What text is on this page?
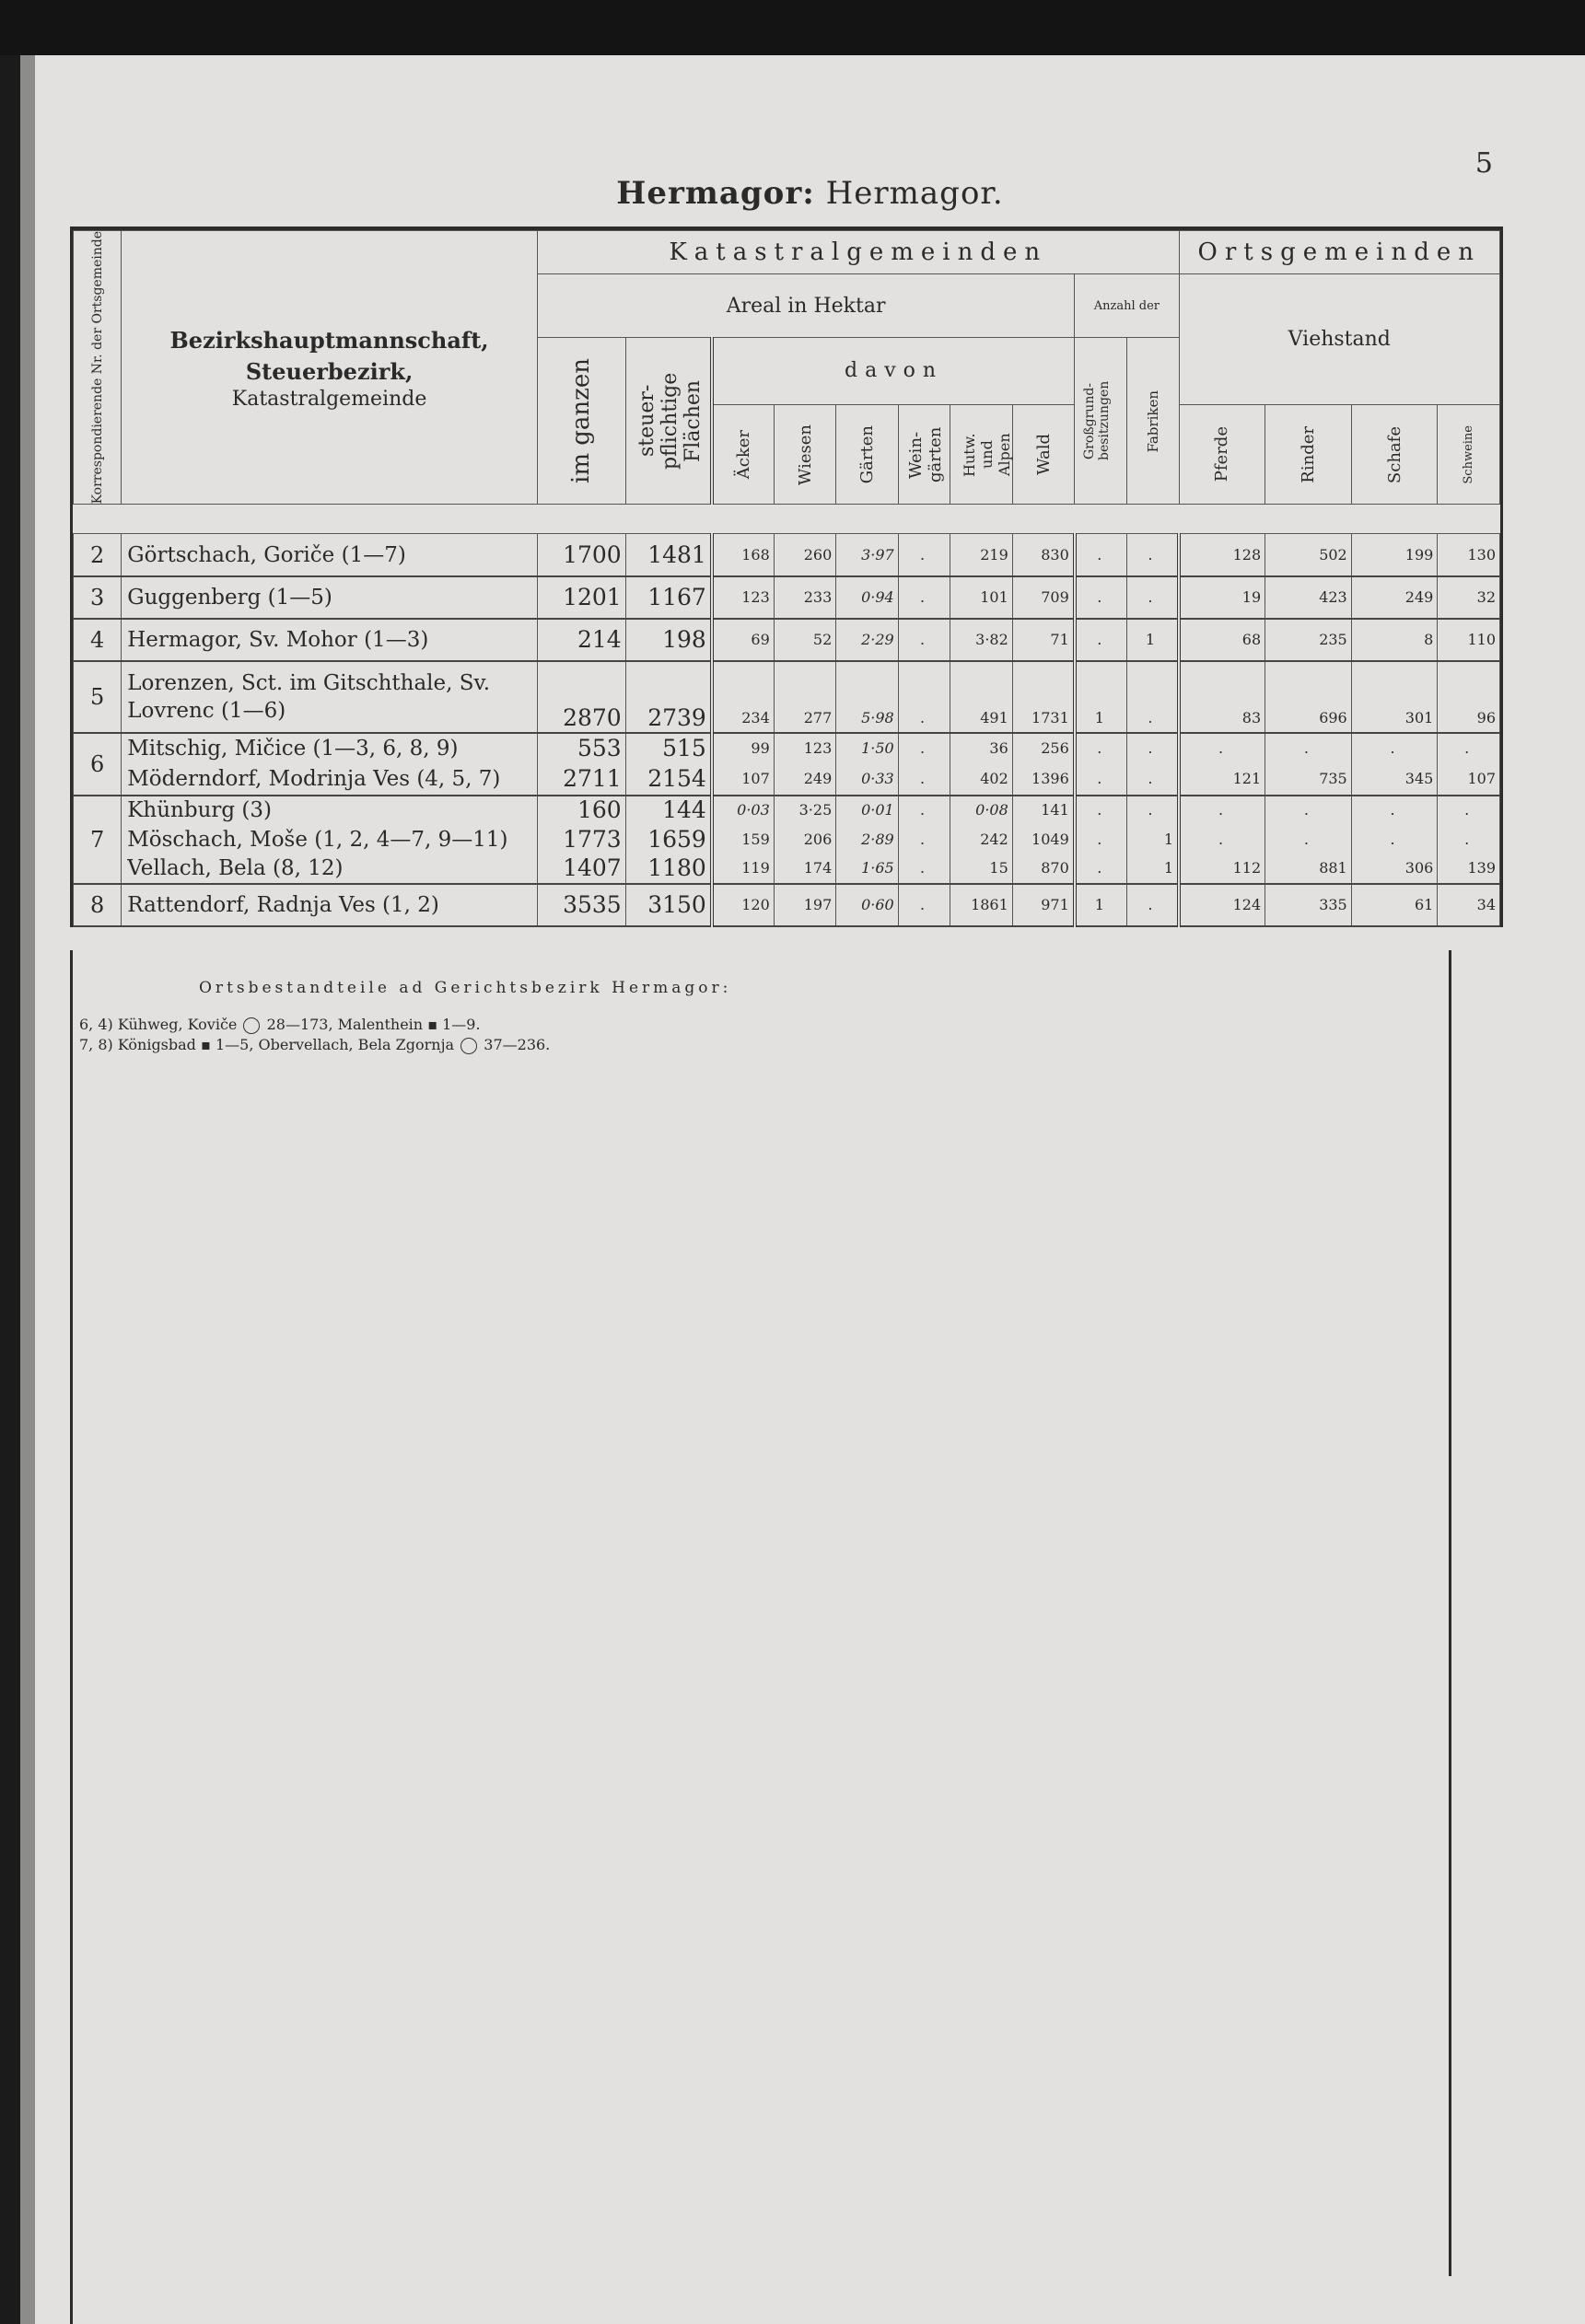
Hermagor: Hermagor.
5
Korrespondierende Nr. der Ortsgemeinde	Bezirkshauptmannschaft,
Steuerbezirk,
Katastralgemeinde	Katastralgemeinden										Ortsgemeinden			
		Areal in Hektar								Anzahl der		Viehstand			

		im ganzen	steuer-pflichtige Flächen	davon						Großgrund-besitzungen	Fabriken				

				Äcker	Wiesen	Gärten	Wein-gärten	Hutw. und Alpen	Wald			Pferde	Rinder	Schafe	Schweine

2	Görtschach, Goriče (1—7)	1700	1481	168	260	3·97	.	219	830	.	.	128	502	199	130
3	Guggenberg (1—5)	1201	1167	123	233	0·94	.	101	709	.	.	19	423	249	32
4	Hermagor, Sv. Mohor (1—3)	214	198	69	52	2·29	.	3·82	71	.	1	68	235	8	110
5	Lorenzen, Sct. im Gitschthale, Sv. Lovrenc (1—6)	2870	2739	234	277	5·98	.	491	1731	1	.	83	696	301	96
6	Mitschig, Mičice (1—3, 6, 8, 9)	553	515	99	123	1·50	.	36	256	.	.	.	.	.	.
	Möderndorf, Modrinja Ves (4, 5, 7)	2711	2154	107	249	0·33	.	402	1396	.	.	121	735	345	107
7	Khünburg (3)	160	144	0·03	3·25	0·01	.	0·08	141	.	.	.	.	.	.
	Möschach, Moše (1, 2, 4—7, 9—11)	1773	1659	159	206	2·89	.	242	1049	.	1	.	.	.	.
	Vellach, Bela (8, 12)	1407	1180	119	174	1·65	.	15	870	.	1	112	881	306	139
8	Rattendorf, Radnja Ves (1, 2)	3535	3150	120	197	0·60	.	1861	971	1	.	124	335	61	34
Ortsbestandteile ad Gerichtsbezirk Hermagor:
6, 4) Kühweg, Koviče 28—173, Malenthein ▪ 1—9.
7, 8) Königsbad ▪ 1—5, Obervellach, Bela Zgornja 37—236.
